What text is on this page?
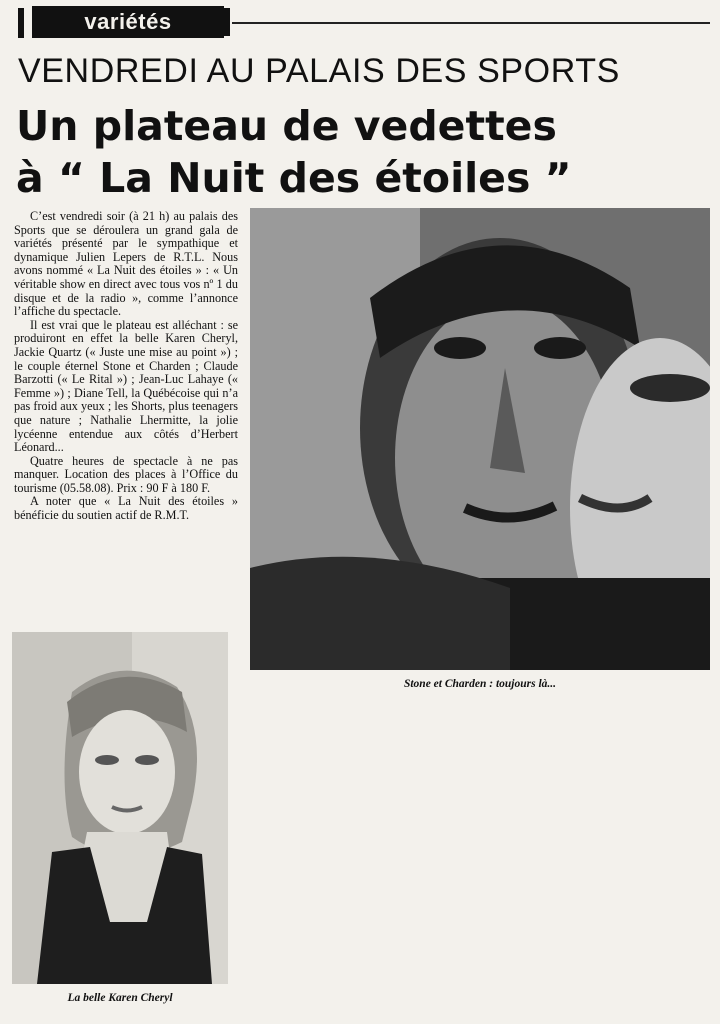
variétés
VENDREDI AU PALAIS DES SPORTS
Un plateau de vedettes
à “ La Nuit des étoiles ”

C’est vendredi soir (à 21 h) au palais des Sports que se déroulera un grand gala de variétés présenté par le sympathique et dynamique Julien Lepers de R.T.L. Nous avons nommé « La Nuit des étoiles » : « Un véritable show en direct avec tous vos nº 1 du disque et de la radio », comme l’annonce l’affiche du spectacle.

Il est vrai que le plateau est alléchant : se produiront en effet la belle Karen Cheryl, Jackie Quartz (« Juste une mise au point ») ; le couple éternel Stone et Charden ; Claude Barzotti (« Le Rital ») ; Jean-Luc Lahaye (« Femme ») ; Diane Tell, la Québécoise qui n’a pas froid aux yeux ; les Shorts, plus teenagers que nature ; Nathalie Lhermitte, la jolie lycéenne entendue aux côtés d’Herbert Léonard...

Quatre heures de spectacle à ne pas manquer. Location des places à l’Office du tourisme (05.58.08). Prix : 90 F à 180 F.

A noter que « La Nuit des étoiles » bénéficie du soutien actif de R.M.T.

Stone et Charden : toujours là...
La belle Karen Cheryl
